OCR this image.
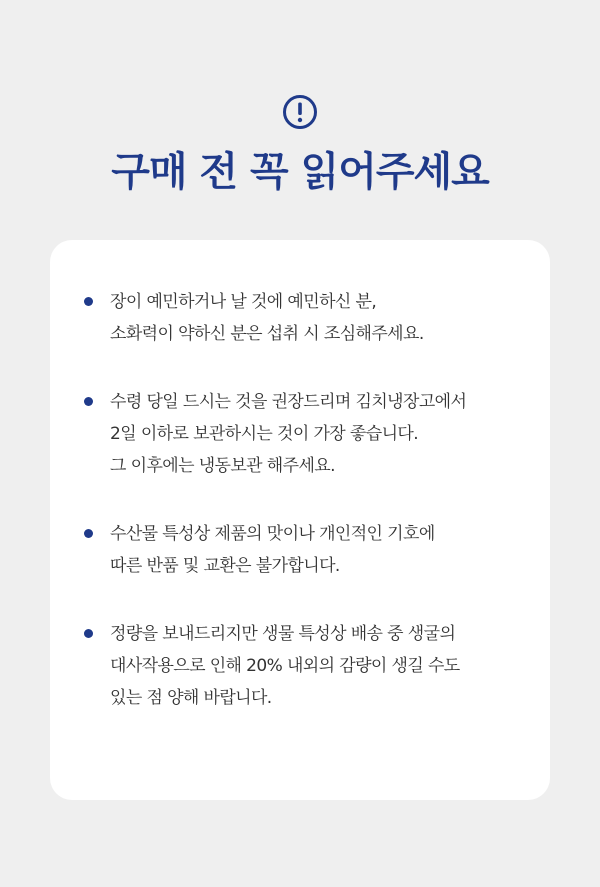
구매 전 꼭 읽어주세요
장이 예민하거나 날 것에 예민하신 분,
소화력이 약하신 분은 섭취 시 조심해주세요.
수령 당일 드시는 것을 권장드리며 김치냉장고에서
2일 이하로 보관하시는 것이 가장 좋습니다.
그 이후에는 냉동보관 해주세요.
수산물 특성상 제품의 맛이나 개인적인 기호에
따른 반품 및 교환은 불가합니다.
정량을 보내드리지만 생물 특성상 배송 중 생굴의
대사작용으로 인해 20% 내외의 감량이 생길 수도
있는 점 양해 바랍니다.
